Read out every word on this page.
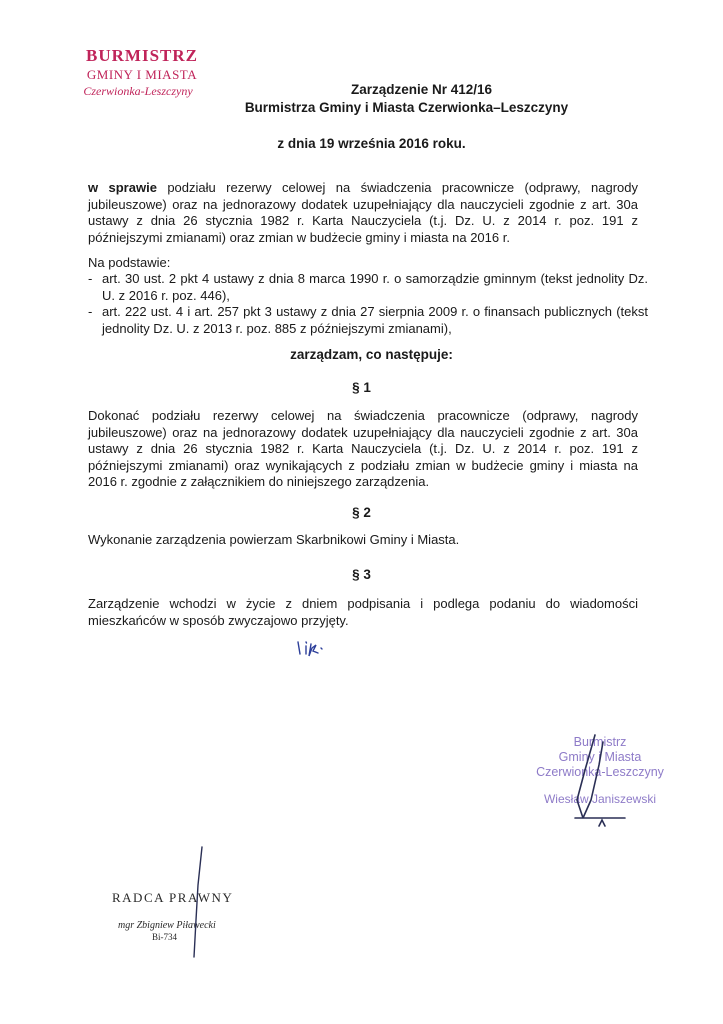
BURMISTRZ
GMINY I MIASTA
Czerwionka-Leszczyny	Zarządzenie Nr 412/16
Burmistrza Gminy i Miasta Czerwionka–Leszczyny
z dnia 19 września 2016 roku.
w sprawie podziału rezerwy celowej na świadczenia pracownicze (odprawy, nagrody jubileuszowe) oraz na jednorazowy dodatek uzupełniający dla nauczycieli zgodnie z art. 30a ustawy z dnia 26 stycznia 1982 r. Karta Nauczyciela (t.j. Dz. U. z 2014 r. poz. 191 z późniejszymi zmianami) oraz zmian w budżecie gminy i miasta na 2016 r.
Na podstawie:
- art. 30 ust. 2 pkt 4 ustawy z dnia 8 marca 1990 r. o samorządzie gminnym (tekst jednolity Dz. U. z 2016 r. poz. 446),
- art. 222 ust. 4 i art. 257 pkt 3 ustawy z dnia 27 sierpnia 2009 r. o finansach publicznych (tekst jednolity Dz. U. z 2013 r. poz. 885 z późniejszymi zmianami),
zarządzam, co następuje:
§ 1
Dokonać podziału rezerwy celowej na świadczenia pracownicze (odprawy, nagrody jubileuszowe) oraz na jednorazowy dodatek uzupełniający dla nauczycieli zgodnie z art. 30a ustawy z dnia 26 stycznia 1982 r. Karta Nauczyciela (t.j. Dz. U. z 2014 r. poz. 191 z późniejszymi zmianami) oraz wynikających z podziału zmian w budżecie gminy i miasta na 2016 r. zgodnie z załącznikiem do niniejszego zarządzenia.
§ 2
Wykonanie zarządzenia powierzam Skarbnikowi Gminy i Miasta.
§ 3
Zarządzenie wchodzi w życie z dniem podpisania i podlega podaniu do wiadomości mieszkańców w sposób zwyczajowo przyjęty.
Burmistrz
Gminy i Miasta
Czerwionka-Leszczyny
Wiesław Janiszewski
RADCA PRAWNY
mgr Zbigniew Piławecki
Bi-734
